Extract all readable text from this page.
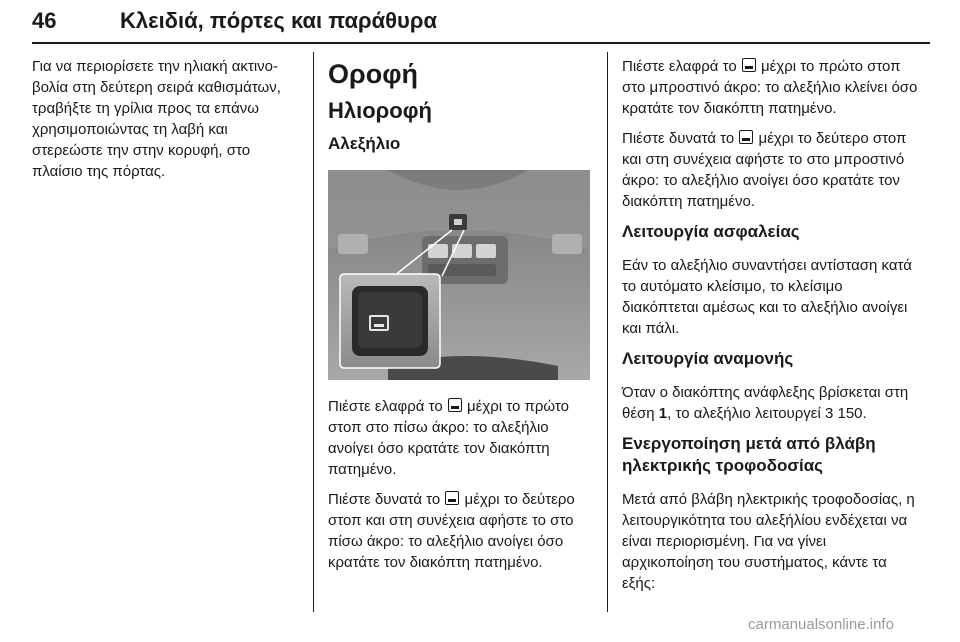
46	Κλειδιά, πόρτες και παράθυρα

Για να περιορίσετε την ηλιακή ακτινοβολία στη δεύτερη σειρά καθισμάτων, τραβήξτε τη γρίλια προς τα επάνω χρησιμοποιώντας τη λαβή και στερεώστε την στην κορυφή, στο πλαίσιο της πόρτας.

Οροφή
Ηλιοροφή
Αλεξήλιο

Πιέστε ελαφρά το  μέχρι το πρώτο στοπ στο πίσω άκρο: το αλεξήλιο ανοίγει όσο κρατάτε τον διακόπτη πατημένο.

Πιέστε δυνατά το  μέχρι το δεύτερο στοπ και στη συνέχεια αφήστε το στο πίσω άκρο: το αλεξήλιο ανοίγει όσο κρατάτε τον διακόπτη πατημένο.

Πιέστε ελαφρά το  μέχρι το πρώτο στοπ στο μπροστινό άκρο: το αλεξήλιο κλείνει όσο κρατάτε τον διακόπτη πατημένο.

Πιέστε δυνατά το  μέχρι το δεύτερο στοπ και στη συνέχεια αφήστε το στο μπροστινό άκρο: το αλεξήλιο ανοίγει όσο κρατάτε τον διακόπτη πατημένο.

Λειτουργία ασφαλείας

Εάν το αλεξήλιο συναντήσει αντίσταση κατά το αυτόματο κλείσιμο, το κλείσιμο διακόπτεται αμέσως και το αλεξήλιο ανοίγει και πάλι.

Λειτουργία αναμονής

Όταν ο διακόπτης ανάφλεξης βρίσκεται στη θέση 1, το αλεξήλιο λειτουργεί 3 150.

Ενεργοποίηση μετά από βλάβη ηλεκτρικής τροφοδοσίας

Μετά από βλάβη ηλεκτρικής τροφοδοσίας, η λειτουργικότητα του αλεξήλίου ενδέχεται να είναι περιορισμένη. Για να γίνει αρχικοποίηση του συστήματος, κάντε τα εξής:

carmanualsonline.info
